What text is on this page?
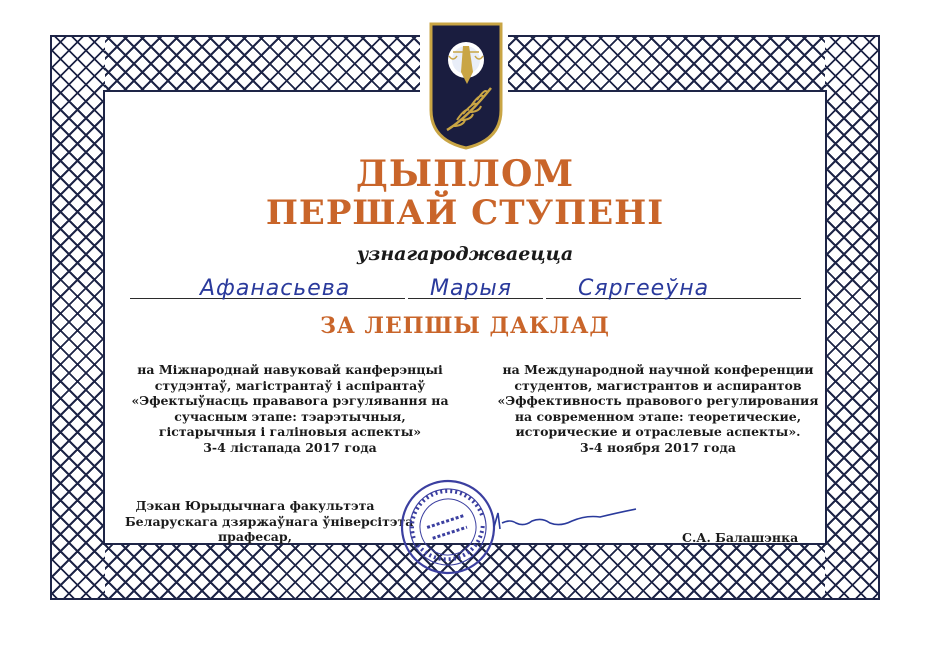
ДЫПЛОМ
ПЕРШАЙ СТУПЕНІ
узнагароджваецца
Афанасьева	Марыя	Сяргееўна
ЗА ЛЕПШЫ ДАКЛАД
на Міжнароднай навуковай канферэнцыі
студэнтаў, магістрантаў і аспірантаў
«Эфектыўнасць прававога рэгулявання на
сучасным этапе: тэарэтычныя,
гістарычныя і галіновыя аспекты»
3-4 лістапада 2017 года
на Международной научной конференции
студентов, магистрантов и аспирантов
«Эффективность правового регулирования
на современном этапе: теоретические,
исторические и отраслевые аспекты».
3-4 ноября 2017 года
Дэкан Юрыдычнага факультэта
Беларускага дзяржаўнага ўніверсітэта
прафесар,	С.А. Балашэнка
